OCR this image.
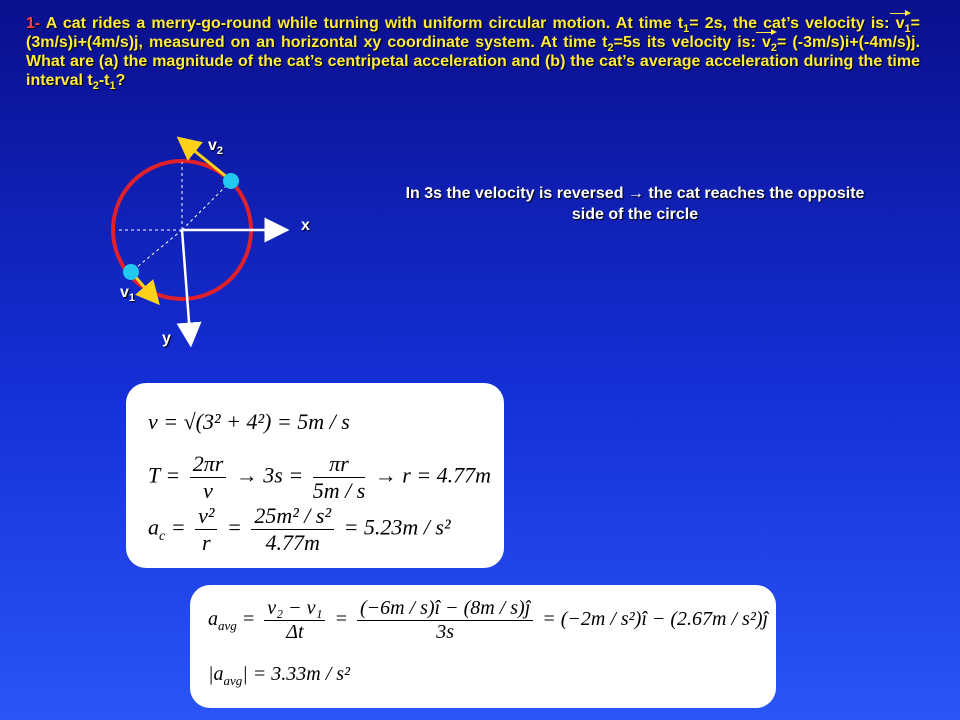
1- A cat rides a merry-go-round while turning with uniform circular motion. At time $t_1= 2s$, the cat’s velocity is: $v_1= (3m/s)i+(4m/s)j$, measured on an horizontal xy coordinate system. At time $t_2=5s$ its velocity is: $v_2= (-3m/s)i+(-4m/s)j$. What are (a) the magnitude of the cat’s centripetal acceleration and (b) the cat’s average acceleration during the time interval $t_2-t_1$?
$v_2$
$v_1$
x
y
In 3s the velocity is reversed → the cat reaches the opposite
side of the circle
v = √(3² + 4²) = 5m / s
$T = \frac{2\pi r}{v} \to 3s = \frac{\pi r}{5m / s} \to r = 4.77m$
$a_c = \frac{\text{v²}}{r} = \frac{\text{25m² / s²}}{4.77m} = 5.23m / s^2$
$a_{avg} = \frac{\text{v₂ − v₁}}{\Delta t} = \frac{(-6m / s)î - (8m / s)ĵ}{3s} = (-2m$ / s²)î − (2.67m / s²)ĵ
$|a_{avg}| = 3.33m / s^2$
